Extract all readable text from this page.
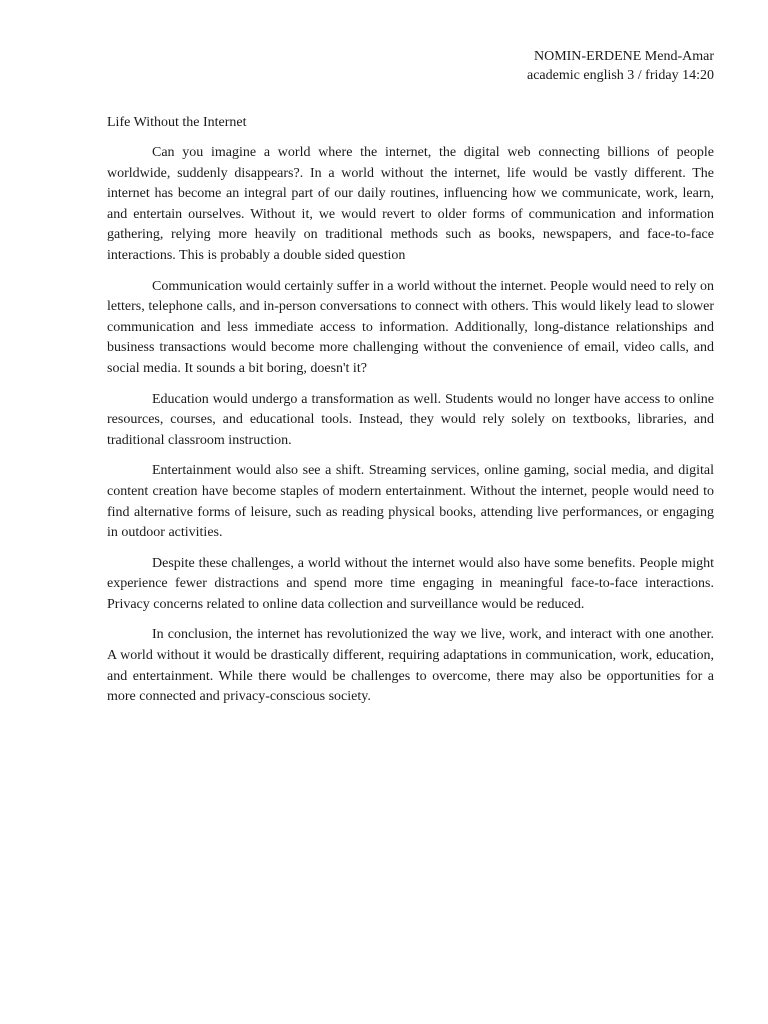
NOMIN-ERDENE Mend-Amar
academic english 3 / friday 14:20
Life Without the Internet

Can you imagine a world where the internet, the digital web connecting billions of people worldwide, suddenly disappears?. In a world without the internet, life would be vastly different. The internet has become an integral part of our daily routines, influencing how we communicate, work, learn, and entertain ourselves. Without it, we would revert to older forms of communication and information gathering, relying more heavily on traditional methods such as books, newspapers, and face-to-face interactions. This is probably a double sided question

Communication would certainly suffer in a world without the internet. People would need to rely on letters, telephone calls, and in-person conversations to connect with others. This would likely lead to slower communication and less immediate access to information. Additionally, long-distance relationships and business transactions would become more challenging without the convenience of email, video calls, and social media. It sounds a bit boring, doesn't it?

Education would undergo a transformation as well. Students would no longer have access to online resources, courses, and educational tools. Instead, they would rely solely on textbooks, libraries, and traditional classroom instruction.

Entertainment would also see a shift. Streaming services, online gaming, social media, and digital content creation have become staples of modern entertainment. Without the internet, people would need to find alternative forms of leisure, such as reading physical books, attending live performances, or engaging in outdoor activities.

Despite these challenges, a world without the internet would also have some benefits. People might experience fewer distractions and spend more time engaging in meaningful face-to-face interactions. Privacy concerns related to online data collection and surveillance would be reduced.

In conclusion, the internet has revolutionized the way we live, work, and interact with one another. A world without it would be drastically different, requiring adaptations in communication, work, education, and entertainment. While there would be challenges to overcome, there may also be opportunities for a more connected and privacy-conscious society.
